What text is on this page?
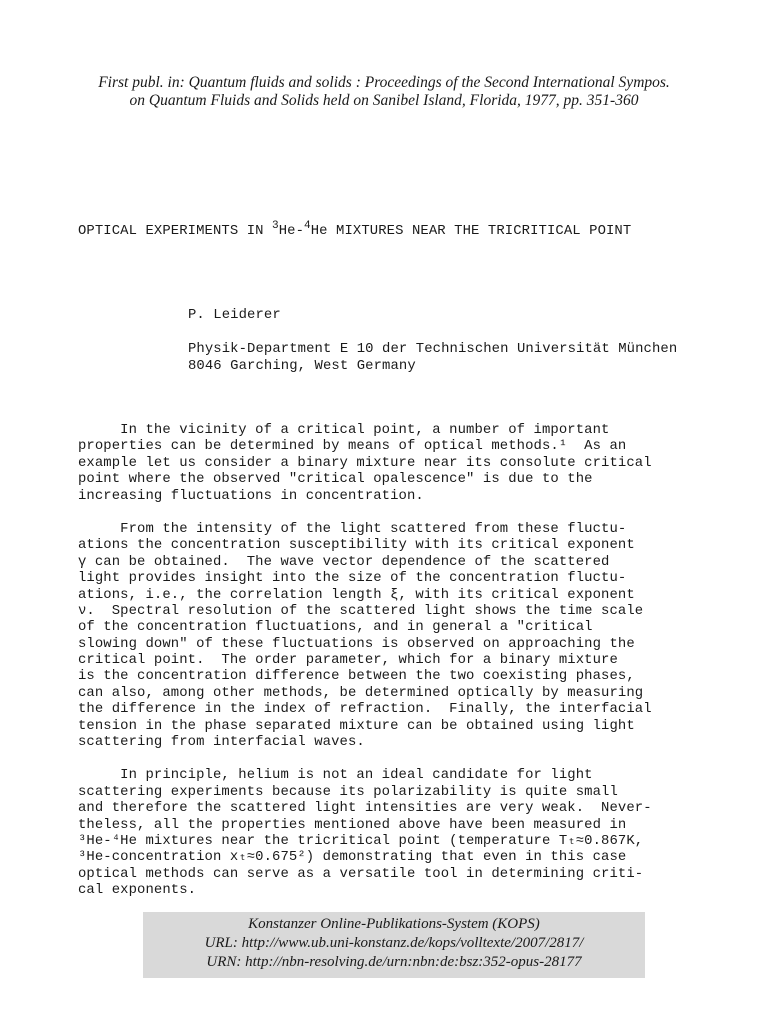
First publ. in: Quantum fluids and solids : Proceedings of the Second International Sympos.
on Quantum Fluids and Solids held on Sanibel Island, Florida, 1977, pp. 351-360
OPTICAL EXPERIMENTS IN $^3$He-$^4$He MIXTURES NEAR THE TRICRITICAL POINT
P. Leiderer
Physik-Department E 10 der Technischen Universität München
8046 Garching, West Germany
In the vicinity of a critical point, a number of important
properties can be determined by means of optical methods.¹  As an
example let us consider a binary mixture near its consolute critical
point where the observed "critical opalescence" is due to the
increasing fluctuations in concentration.
From the intensity of the light scattered from these fluctu-
ations the concentration susceptibility with its critical exponent
γ can be obtained.  The wave vector dependence of the scattered
light provides insight into the size of the concentration fluctu-
ations, i.e., the correlation length ξ, with its critical exponent
ν.  Spectral resolution of the scattered light shows the time scale
of the concentration fluctuations, and in general a "critical
slowing down" of these fluctuations is observed on approaching the
critical point.  The order parameter, which for a binary mixture
is the concentration difference between the two coexisting phases,
can also, among other methods, be determined optically by measuring
the difference in the index of refraction.  Finally, the interfacial
tension in the phase separated mixture can be obtained using light
scattering from interfacial waves.
In principle, helium is not an ideal candidate for light
scattering experiments because its polarizability is quite small
and therefore the scattered light intensities are very weak.  Never-
theless, all the properties mentioned above have been measured in
³He-⁴He mixtures near the tricritical point (temperature Tₜ≈0.867K,
³He-concentration xₜ≈0.675²) demonstrating that even in this case
optical methods can serve as a versatile tool in determining criti-
cal exponents.
Konstanzer Online-Publikations-System (KOPS)
URL: http://www.ub.uni-konstanz.de/kops/volltexte/2007/2817/
URN: http://nbn-resolving.de/urn:nbn:de:bsz:352-opus-28177
